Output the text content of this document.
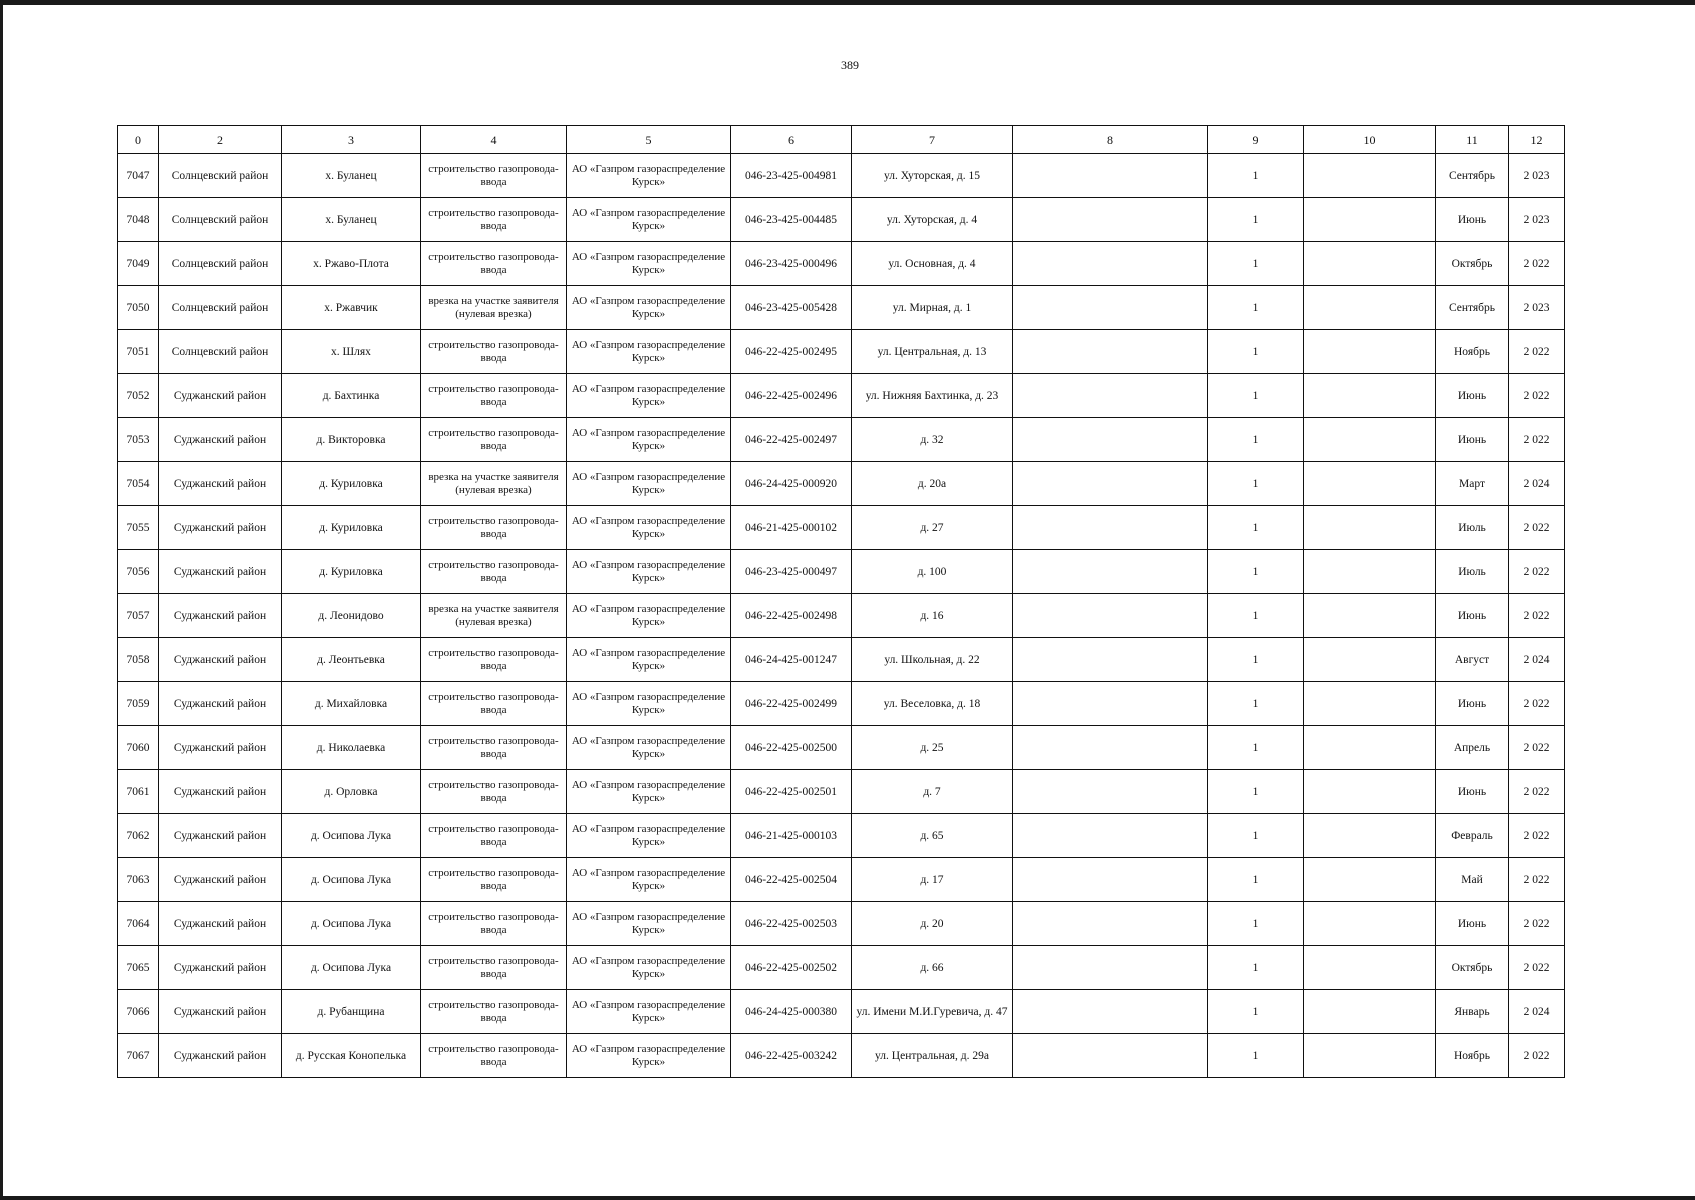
389
0	2	3	4	5	6	7	8	9	10	11	12
7047	Солнцевский район	х. Буланец	строительство газопровода-ввода	АО «Газпром газораспределение Курск»	046-23-425-004981	ул. Хуторская, д. 15		1		Сентябрь	2 023
7048	Солнцевский район	х. Буланец	строительство газопровода-ввода	АО «Газпром газораспределение Курск»	046-23-425-004485	ул. Хуторская, д. 4		1		Июнь	2 023
7049	Солнцевский район	х. Ржаво-Плота	строительство газопровода-ввода	АО «Газпром газораспределение Курск»	046-23-425-000496	ул. Основная, д. 4		1		Октябрь	2 022
7050	Солнцевский район	х. Ржавчик	врезка на участке заявителя (нулевая врезка)	АО «Газпром газораспределение Курск»	046-23-425-005428	ул. Мирная, д. 1		1		Сентябрь	2 023
7051	Солнцевский район	х. Шлях	строительство газопровода-ввода	АО «Газпром газораспределение Курск»	046-22-425-002495	ул. Центральная, д. 13		1		Ноябрь	2 022
7052	Суджанский район	д. Бахтинка	строительство газопровода-ввода	АО «Газпром газораспределение Курск»	046-22-425-002496	ул. Нижняя Бахтинка, д. 23		1		Июнь	2 022
7053	Суджанский район	д. Викторовка	строительство газопровода-ввода	АО «Газпром газораспределение Курск»	046-22-425-002497	д. 32		1		Июнь	2 022
7054	Суджанский район	д. Куриловка	врезка на участке заявителя (нулевая врезка)	АО «Газпром газораспределение Курск»	046-24-425-000920	д. 20а		1		Март	2 024
7055	Суджанский район	д. Куриловка	строительство газопровода-ввода	АО «Газпром газораспределение Курск»	046-21-425-000102	д. 27		1		Июль	2 022
7056	Суджанский район	д. Куриловка	строительство газопровода-ввода	АО «Газпром газораспределение Курск»	046-23-425-000497	д. 100		1		Июль	2 022
7057	Суджанский район	д. Леонидово	врезка на участке заявителя (нулевая врезка)	АО «Газпром газораспределение Курск»	046-22-425-002498	д. 16		1		Июнь	2 022
7058	Суджанский район	д. Леонтьевка	строительство газопровода-ввода	АО «Газпром газораспределение Курск»	046-24-425-001247	ул. Школьная, д. 22		1		Август	2 024
7059	Суджанский район	д. Михайловка	строительство газопровода-ввода	АО «Газпром газораспределение Курск»	046-22-425-002499	ул. Веселовка, д. 18		1		Июнь	2 022
7060	Суджанский район	д. Николаевка	строительство газопровода-ввода	АО «Газпром газораспределение Курск»	046-22-425-002500	д. 25		1		Апрель	2 022
7061	Суджанский район	д. Орловка	строительство газопровода-ввода	АО «Газпром газораспределение Курск»	046-22-425-002501	д. 7		1		Июнь	2 022
7062	Суджанский район	д. Осипова Лука	строительство газопровода-ввода	АО «Газпром газораспределение Курск»	046-21-425-000103	д. 65		1		Февраль	2 022
7063	Суджанский район	д. Осипова Лука	строительство газопровода-ввода	АО «Газпром газораспределение Курск»	046-22-425-002504	д. 17		1		Май	2 022
7064	Суджанский район	д. Осипова Лука	строительство газопровода-ввода	АО «Газпром газораспределение Курск»	046-22-425-002503	д. 20		1		Июнь	2 022
7065	Суджанский район	д. Осипова Лука	строительство газопровода-ввода	АО «Газпром газораспределение Курск»	046-22-425-002502	д. 66		1		Октябрь	2 022
7066	Суджанский район	д. Рубанщина	строительство газопровода-ввода	АО «Газпром газораспределение Курск»	046-24-425-000380	ул. Имени М.И.Гуревича, д. 47		1		Январь	2 024
7067	Суджанский район	д. Русская Конопелька	строительство газопровода-ввода	АО «Газпром газораспределение Курск»	046-22-425-003242	ул. Центральная, д. 29а		1		Ноябрь	2 022
